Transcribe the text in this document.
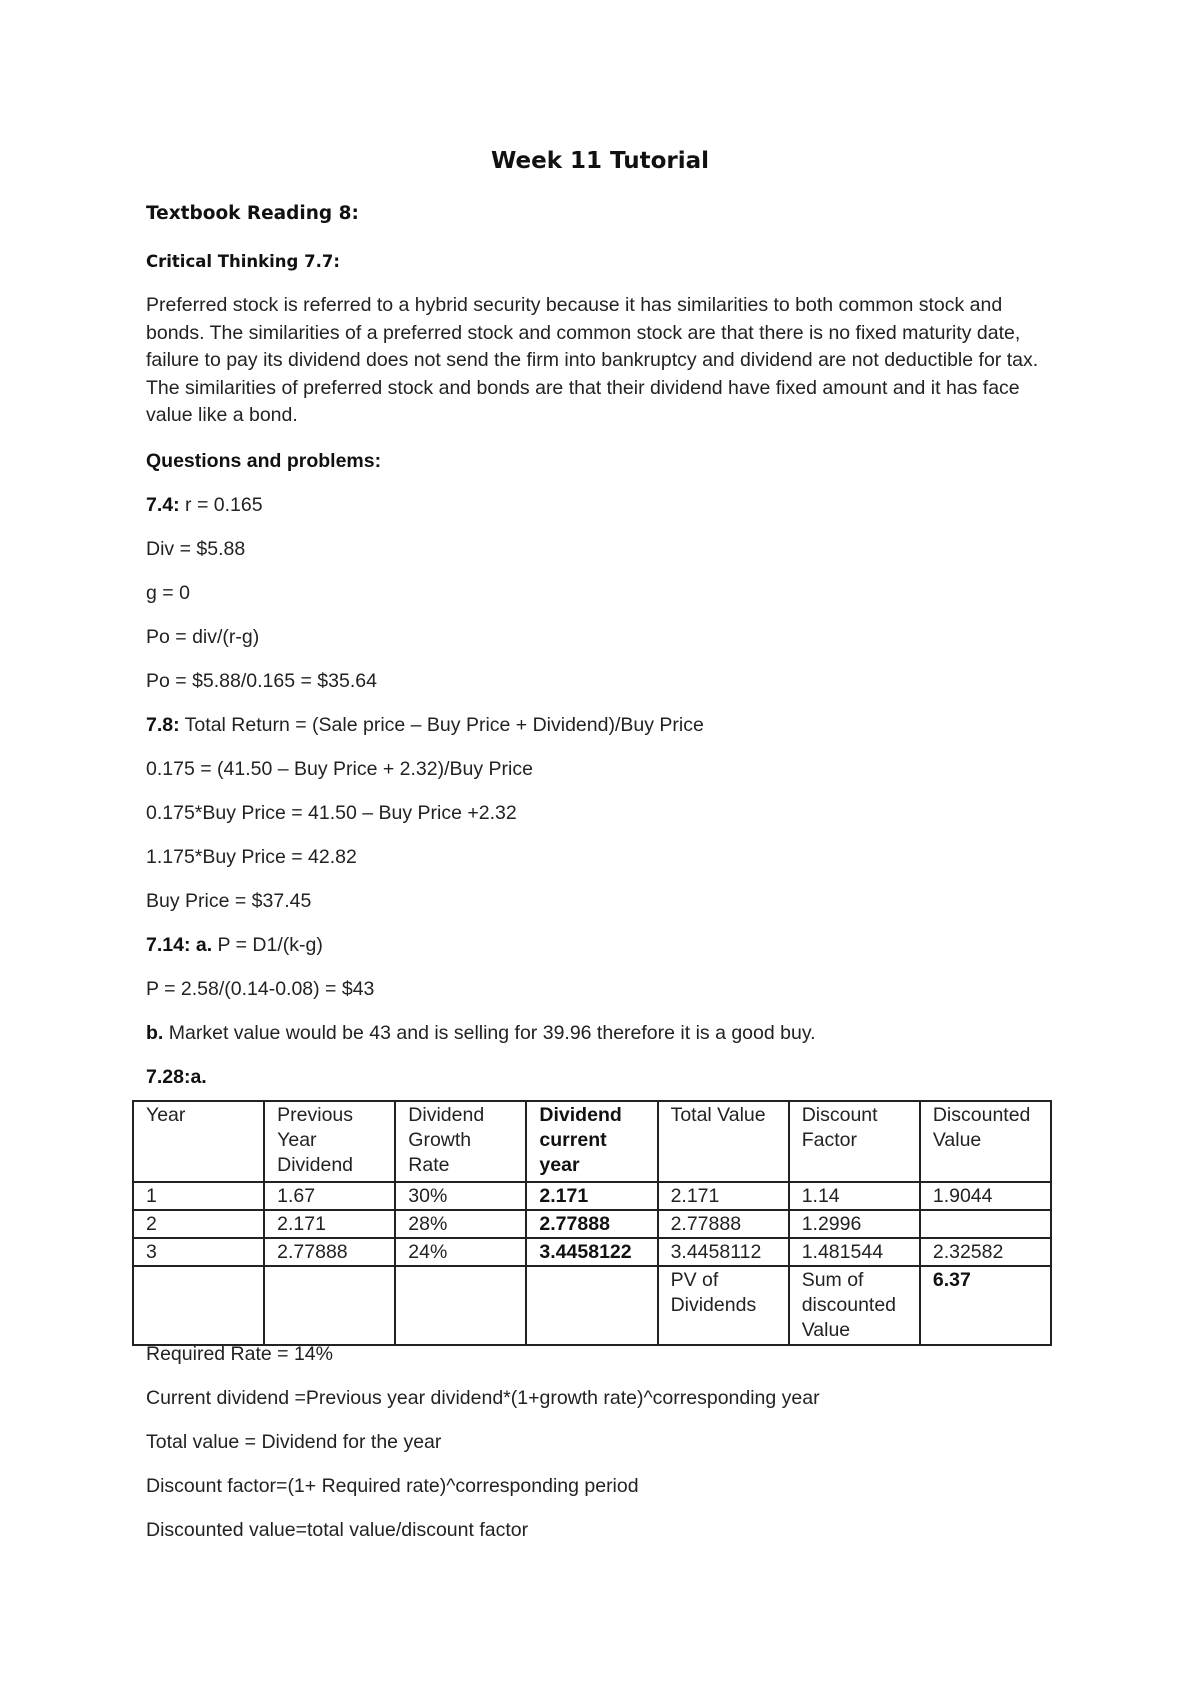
Week 11 Tutorial
Textbook Reading 8:
Critical Thinking 7.7:
Preferred stock is referred to a hybrid security because it has similarities to both common stock and bonds. The similarities of a preferred stock and common stock are that there is no fixed maturity date, failure to pay its dividend does not send the firm into bankruptcy and dividend are not deductible for tax. The similarities of preferred stock and bonds are that their dividend have fixed amount and it has face value like a bond.
Questions and problems:
7.4: r = 0.165
Div = $5.88
g = 0
Po = div/(r-g)
Po = $5.88/0.165 = $35.64
7.8: Total Return = (Sale price – Buy Price + Dividend)/Buy Price
0.175 = (41.50 – Buy Price + 2.32)/Buy Price
0.175*Buy Price = 41.50 – Buy Price +2.32
1.175*Buy Price = 42.82
Buy Price = $37.45
7.14: a. P = D1/(k-g)
P = 2.58/(0.14-0.08) = $43
b. Market value would be 43 and is selling for 39.96 therefore it is a good buy.
7.28:a.
Year	Previous Year Dividend	Dividend Growth Rate	Dividend current year	Total Value	Discount Factor	Discounted Value
1	1.67	30%	2.171	2.171	1.14	1.9044
2	2.171	28%	2.77888	2.77888	1.2996	
3	2.77888	24%	3.4458122	3.4458112	1.481544	2.32582
				PV of Dividends	Sum of discounted Value	6.37
Required Rate = 14%
Current dividend =Previous year dividend*(1+growth rate)^corresponding year
Total value = Dividend for the year
Discount factor=(1+ Required rate)^corresponding period
Discounted value=total value/discount factor
